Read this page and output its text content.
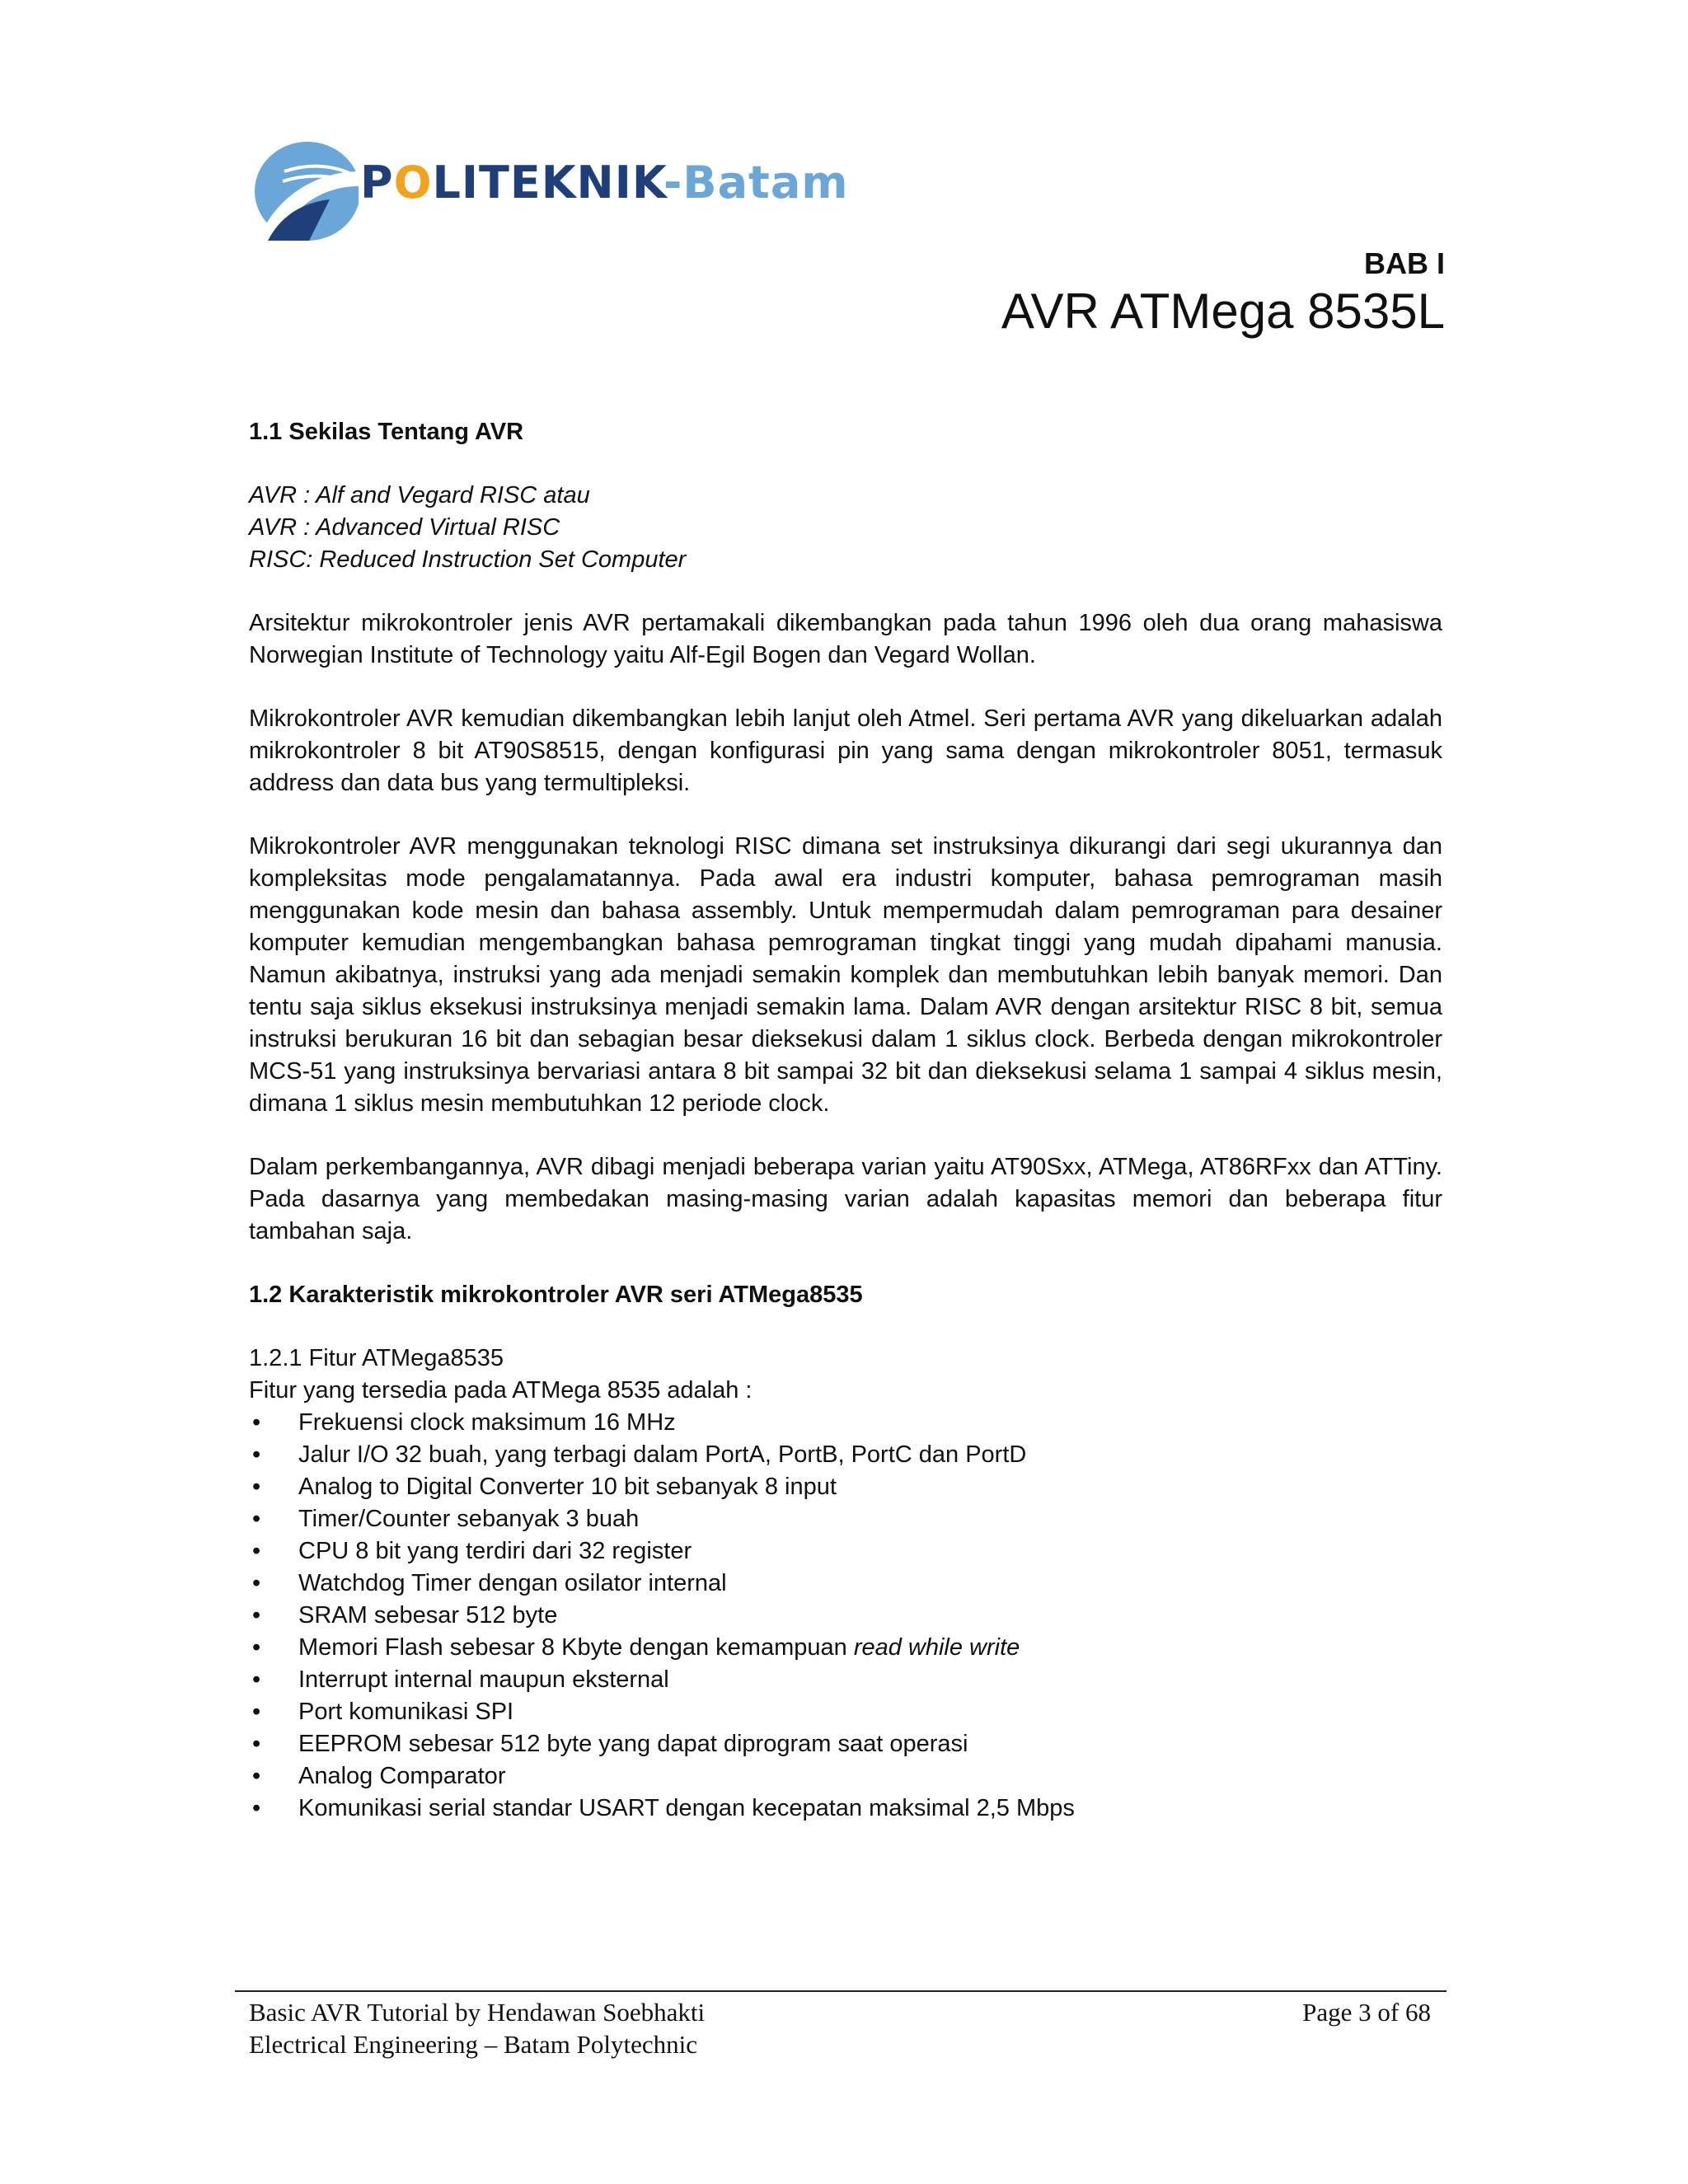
POLITEKNIK-Batam
BAB I
AVR ATMega 8535L

1.1 Sekilas Tentang AVR

AVR : Alf and Vegard RISC atau

AVR : Advanced Virtual RISC

RISC: Reduced Instruction Set Computer

Arsitektur mikrokontroler jenis AVR pertamakali dikembangkan pada tahun 1996 oleh dua orang mahasiswa Norwegian Institute of Technology yaitu Alf-Egil Bogen dan Vegard Wollan.

Mikrokontroler AVR kemudian dikembangkan lebih lanjut oleh Atmel. Seri pertama AVR yang dikeluarkan adalah mikrokontroler 8 bit AT90S8515, dengan konfigurasi pin yang sama dengan mikrokontroler 8051, termasuk address dan data bus yang termultipleksi.

Mikrokontroler AVR menggunakan teknologi RISC dimana set instruksinya dikurangi dari segi ukurannya dan kompleksitas mode pengalamatannya. Pada awal era industri komputer, bahasa pemrograman masih menggunakan kode mesin dan bahasa assembly. Untuk mempermudah dalam pemrograman para desainer komputer kemudian mengembangkan bahasa pemrograman tingkat tinggi yang mudah dipahami manusia. Namun akibatnya, instruksi yang ada menjadi semakin komplek dan membutuhkan lebih banyak memori. Dan tentu saja siklus eksekusi instruksinya menjadi semakin lama. Dalam AVR dengan arsitektur RISC 8 bit, semua instruksi berukuran 16 bit dan sebagian besar dieksekusi dalam 1 siklus clock. Berbeda dengan mikrokontroler MCS-51 yang instruksinya bervariasi antara 8 bit sampai 32 bit dan dieksekusi selama 1 sampai 4 siklus mesin, dimana 1 siklus mesin membutuhkan 12 periode clock.

Dalam perkembangannya, AVR dibagi menjadi beberapa varian yaitu AT90Sxx, ATMega, AT86RFxx dan ATTiny. Pada dasarnya yang membedakan masing-masing varian adalah kapasitas memori dan beberapa fitur tambahan saja.

1.2 Karakteristik mikrokontroler AVR seri ATMega8535

1.2.1 Fitur ATMega8535

Fitur yang tersedia pada ATMega 8535 adalah :

• Frekuensi clock maksimum 16 MHz
• Jalur I/O 32 buah, yang terbagi dalam PortA, PortB, PortC dan PortD
• Analog to Digital Converter 10 bit sebanyak 8 input
• Timer/Counter sebanyak 3 buah
• CPU 8 bit yang terdiri dari 32 register
• Watchdog Timer dengan osilator internal
• SRAM sebesar 512 byte
• Memori Flash sebesar 8 Kbyte dengan kemampuan read while write
• Interrupt internal maupun eksternal
• Port komunikasi SPI
• EEPROM sebesar 512 byte yang dapat diprogram saat operasi
• Analog Comparator
• Komunikasi serial standar USART dengan kecepatan maksimal 2,5 Mbps
Basic AVR Tutorial by Hendawan Soebhakti
Electrical Engineering – Batam Polytechnic
Page 3 of 68
